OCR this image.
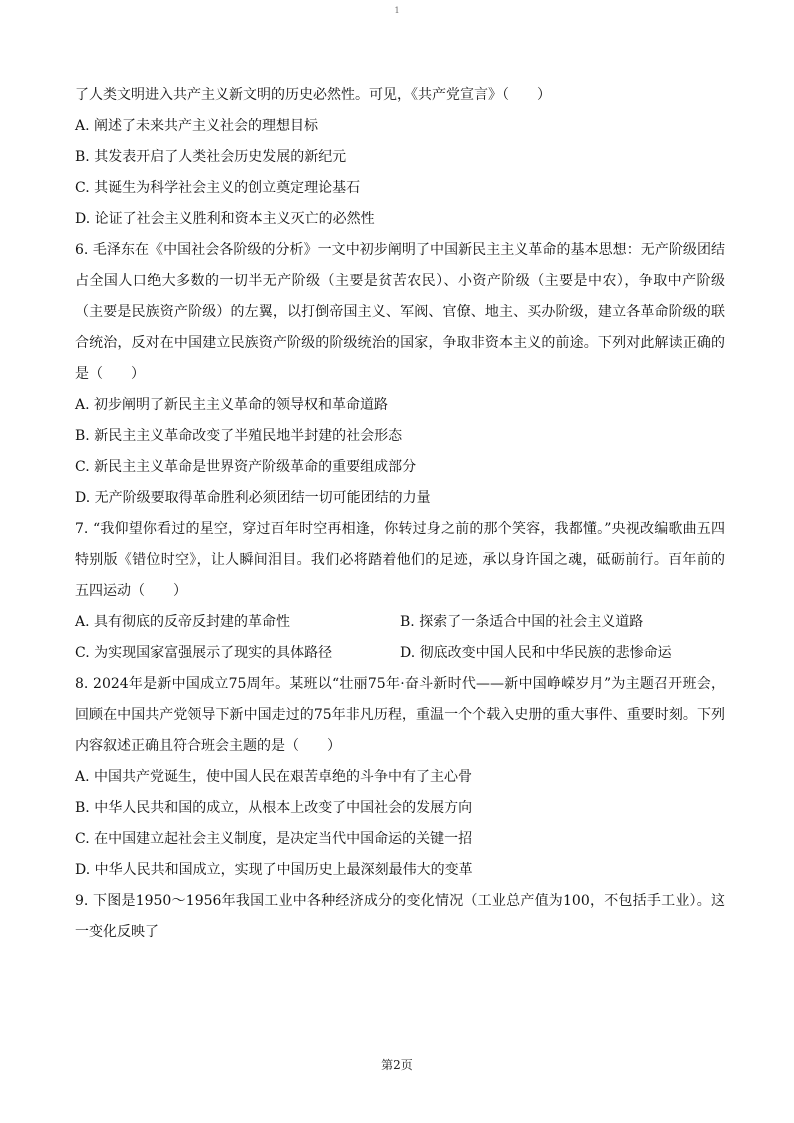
1

了人类文明进入共产主义新文明的历史必然性。可见，《共产党宣言》（　　）

A. 阐述了未来共产主义社会的理想目标

B. 其发表开启了人类社会历史发展的新纪元

C. 其诞生为科学社会主义的创立奠定理论基石

D. 论证了社会主义胜利和资本主义灭亡的必然性

6. 毛泽东在《中国社会各阶级的分析》一文中初步阐明了中国新民主主义革命的基本思想：无产阶级团结占全国人口绝大多数的一切半无产阶级（主要是贫苦农民）、小资产阶级（主要是中农），争取中产阶级（主要是民族资产阶级）的左翼，以打倒帝国主义、军阀、官僚、地主、买办阶级，建立各革命阶级的联合统治，反对在中国建立民族资产阶级的阶级统治的国家，争取非资本主义的前途。下列对此解读正确的是（　　）

A. 初步阐明了新民主主义革命的领导权和革命道路

B. 新民主主义革命改变了半殖民地半封建的社会形态

C. 新民主主义革命是世界资产阶级革命的重要组成部分

D. 无产阶级要取得革命胜利必须团结一切可能团结的力量

7. “我仰望你看过的星空，穿过百年时空再相逢，你转过身之前的那个笑容，我都懂。”央视改编歌曲五四特别版《错位时空》，让人瞬间泪目。我们必将踏着他们的足迹，承以身许国之魂，砥砺前行。百年前的五四运动（　　）

A. 具有彻底的反帝反封建的革命性	B. 探索了一条适合中国的社会主义道路

C. 为实现国家富强展示了现实的具体路径	D. 彻底改变中国人民和中华民族的悲惨命运

8. 2024年是新中国成立75周年。某班以“壮丽75年·奋斗新时代——新中国峥嵘岁月”为主题召开班会，回顾在中国共产党领导下新中国走过的75年非凡历程，重温一个个载入史册的重大事件、重要时刻。下列内容叙述正确且符合班会主题的是（　　）

A. 中国共产党诞生，使中国人民在艰苦卓绝的斗争中有了主心骨

B. 中华人民共和国的成立，从根本上改变了中国社会的发展方向

C. 在中国建立起社会主义制度，是决定当代中国命运的关键一招

D. 中华人民共和国成立，实现了中国历史上最深刻最伟大的变革

9. 下图是1950～1956年我国工业中各种经济成分的变化情况（工业总产值为100，不包括手工业）。这一变化反映了

第2页
